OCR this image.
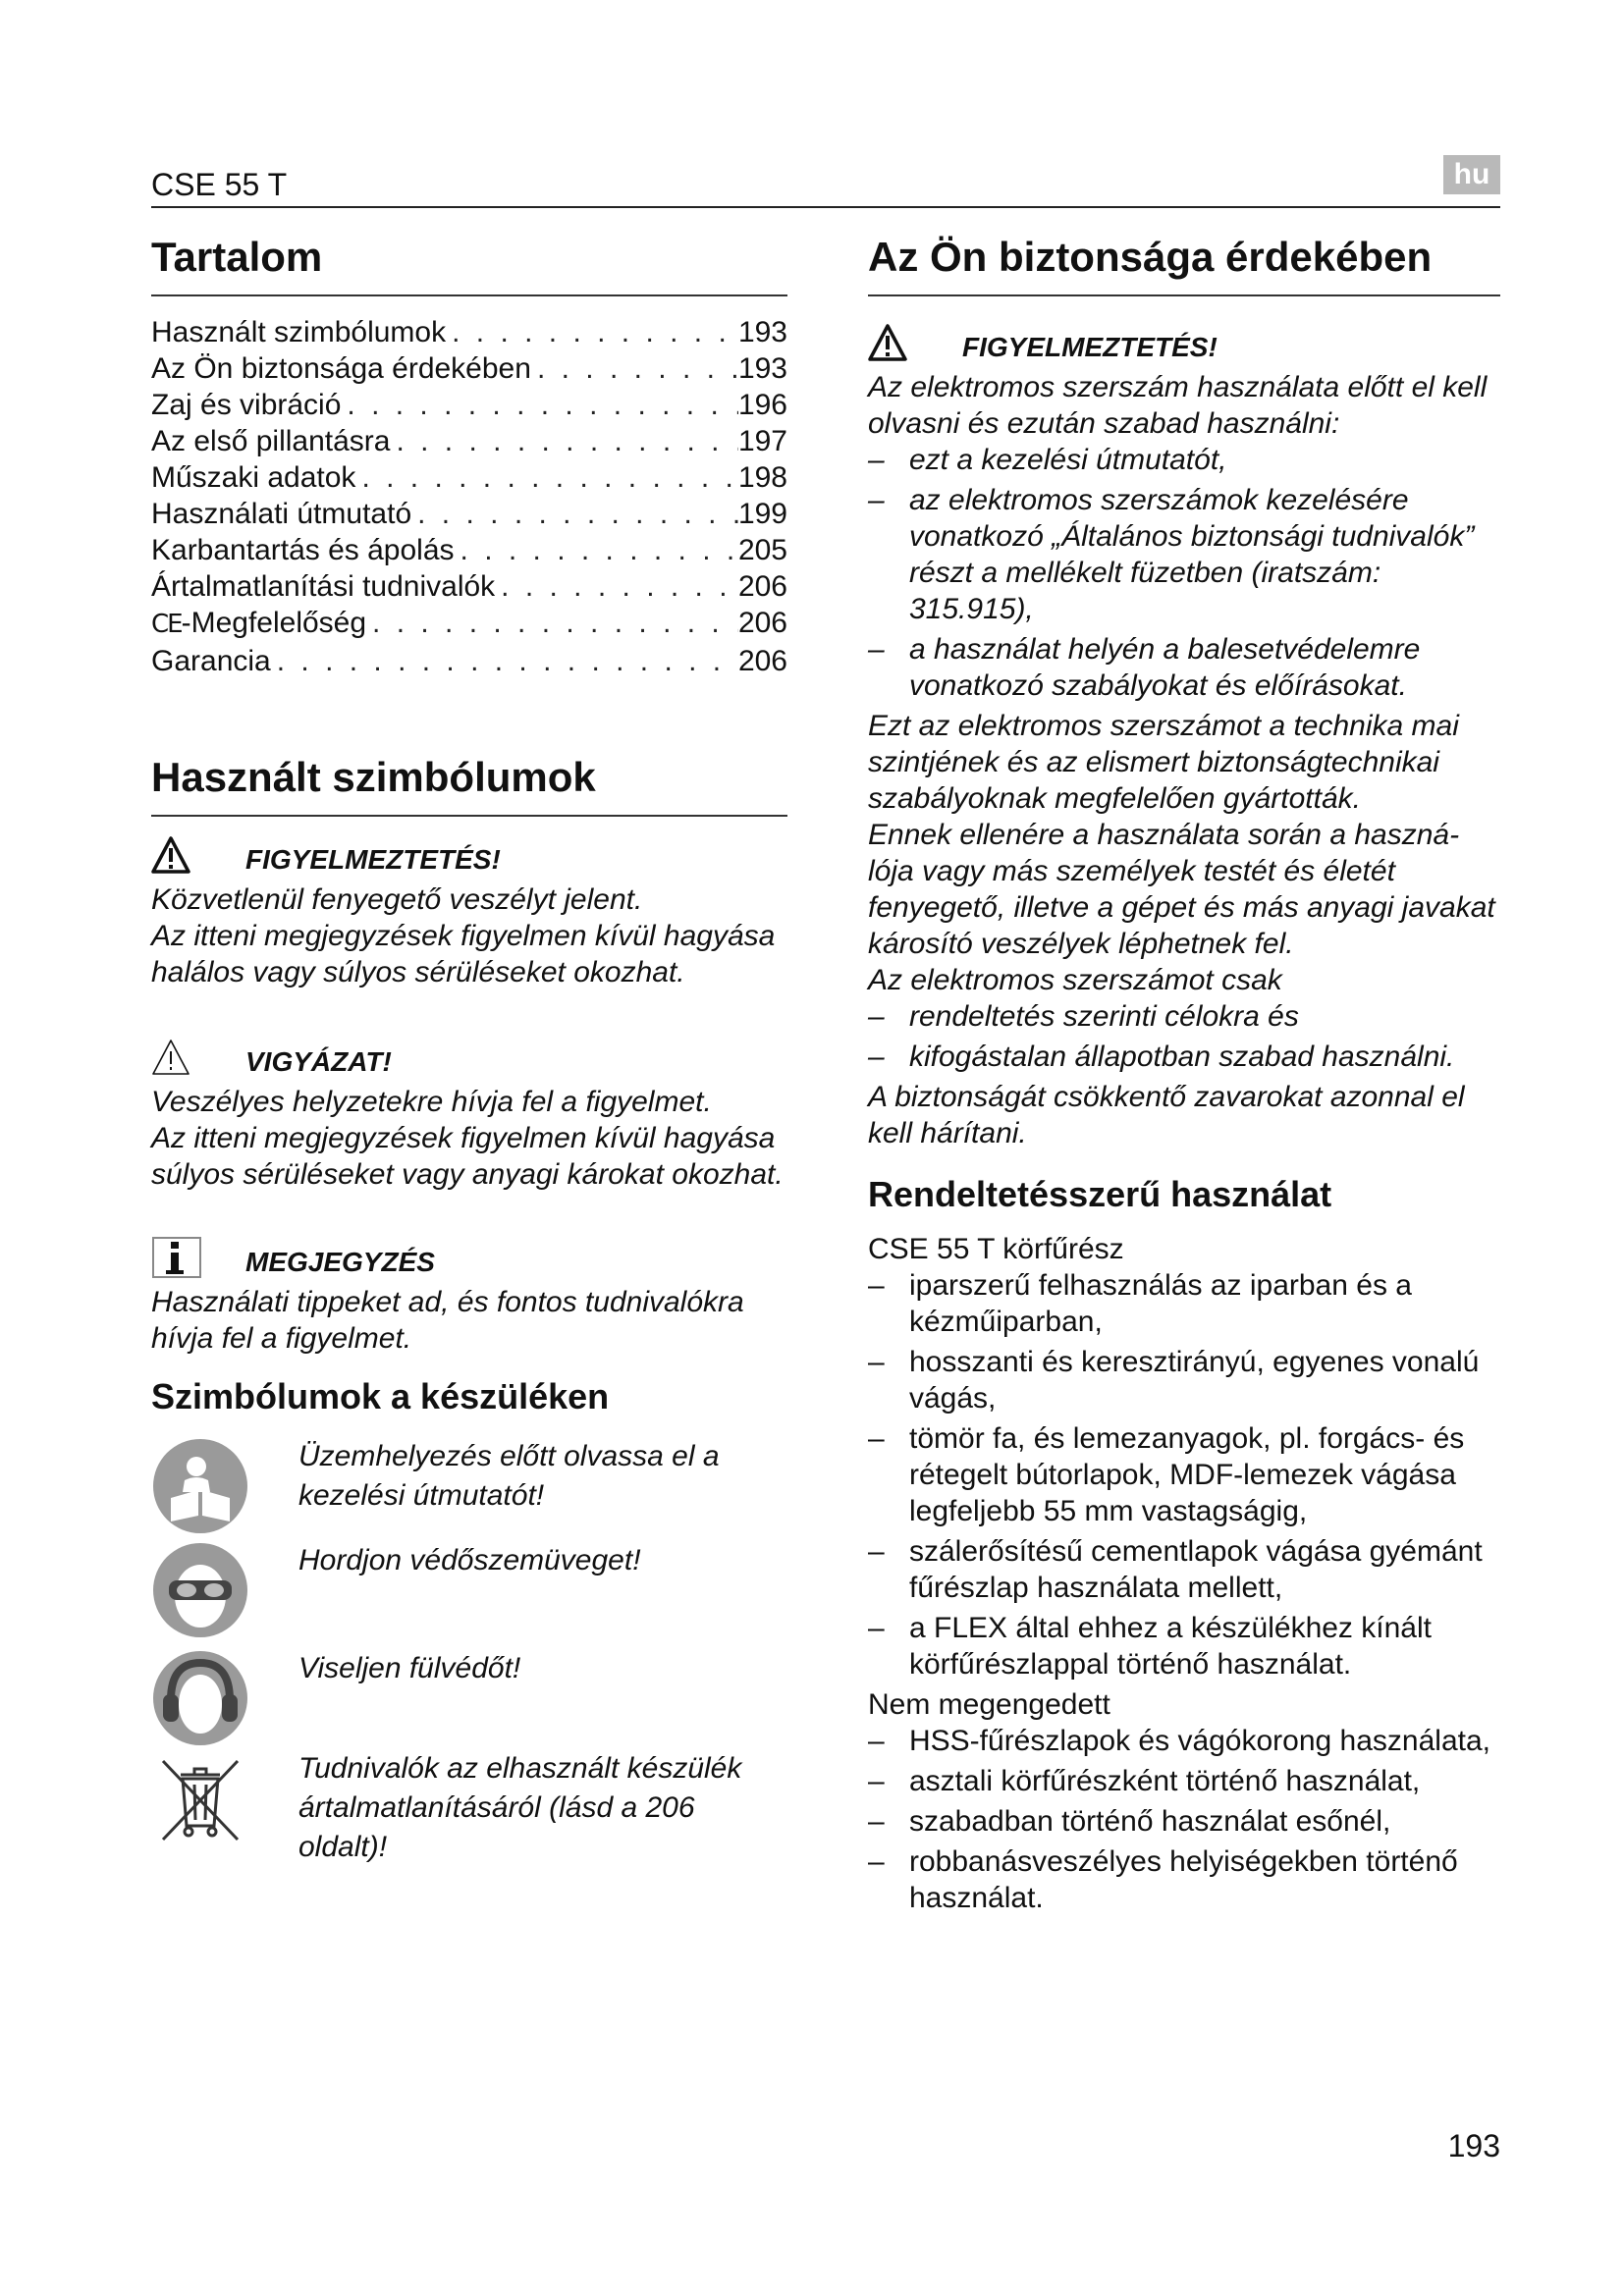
CSE 55 T	hu
Tartalom
Használt szimbólumok . . .	193
Az Ön biztonsága érdekében . . .	193
Zaj és vibráció . . .	196
Az első pillantásra . . .	197
Műszaki adatok . . .	198
Használati útmutató . . .	199
Karbantartás és ápolás . . .	205
Ártalmatlanítási tudnivalók . . .	206
CE-Megfelelőség . . .	206
Garancia . . .	206
Használt szimbólumok
FIGYELMEZTETÉS!
Közvetlenül fenyegető veszélyt jelent.
Az itteni megjegyzések figyelmen kívül hagyása halálos vagy súlyos sérüléseket okozhat.
VIGYÁZAT!
Veszélyes helyzetekre hívja fel a figyelmet.
Az itteni megjegyzések figyelmen kívül hagyása súlyos sérüléseket vagy anyagi károkat okozhat.
MEGJEGYZÉS
Használati tippeket ad, és fontos tudnivalókra hívja fel a figyelmet.
Szimbólumok a készüléken
Üzemhelyezés előtt olvassa el a kezelési útmutatót!
Hordjon védőszemüveget!
Viseljen fülvédőt!
Tudnivalók az elhasznált készülék ártalmatlanításáról (lásd a 206 oldalt)!
Az Ön biztonsága érdekében
FIGYELMEZTETÉS!
Az elektromos szerszám használata előtt el kell olvasni és ezután szabad használni:
– ezt a kezelési útmutatót,
– az elektromos szerszámok kezelésére vonatkozó „Általános biztonsági tudnivalók” részt a mellékelt füzetben (iratszám: 315.915),
– a használat helyén a balesetvédelemre vonatkozó szabályokat és előírásokat.
Ezt az elektromos szerszámot a technika mai szintjének és az elismert biztonságtechnikai szabályoknak megfelelően gyártották.
Ennek ellenére a használata során a haszná-lója vagy más személyek testét és életét fenyegető, illetve a gépet és más anyagi javakat károsító veszélyek léphetnek fel.
Az elektromos szerszámot csak
– rendeltetés szerinti célokra és
– kifogástalan állapotban szabad használni.
A biztonságát csökkentő zavarokat azonnal el kell hárítani.
Rendeltetésszerű használat
CSE 55 T körfűrész
– iparszerű felhasználás az iparban és a kézműiparban,
– hosszanti és keresztirányú, egyenes vonalú vágás,
– tömör fa, és lemezanyagok, pl. forgács- és rétegelt bútorlapok, MDF-lemezek vágása legfeljebb 55 mm vastagságig,
– szálerősítésű cementlapok vágása gyémánt fűrészlap használata mellett,
– a FLEX által ehhez a készülékhez kínált körfűrészlappal történő használat.
Nem megengedett
– HSS-fűrészlapok és vágókorong használata,
– asztali körfűrészként történő használat,
– szabadban történő használat esőnél,
– robbanásveszélyes helyiségekben történő használat.
193
